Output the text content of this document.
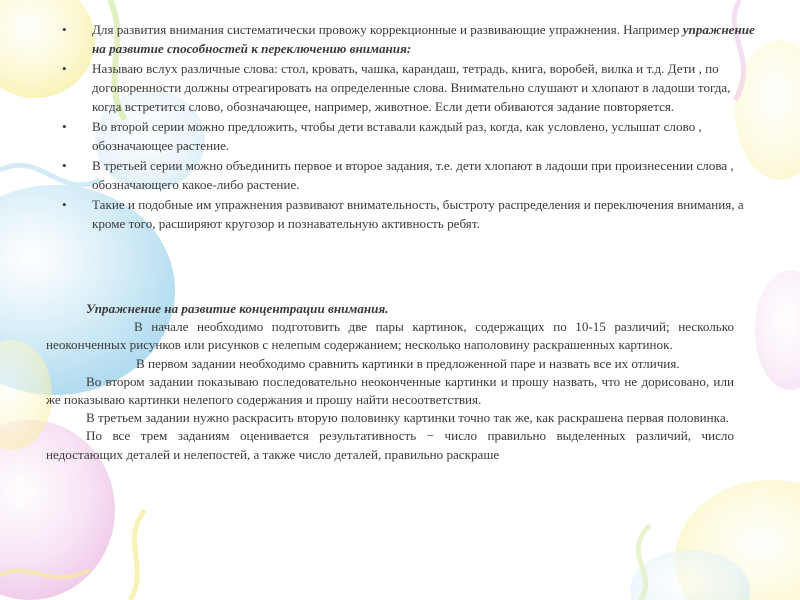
• Для развития внимания систематически провожу коррекционные и развивающие упражнения. Например упражнение на развитие способностей к переключению внимания:
• Называю вслух различные слова: стол, кровать, чашка, карандаш, тетрадь, книга, воробей, вилка и т.д. Дети , по договоренности должны отреагировать на определенные слова. Внимательно слушают и хлопают в ладоши тогда, когда встретится слово, обозначающее, например, животное. Если дети обиваются задание повторяется.
• Во второй серии можно предложить, чтобы дети вставали каждый раз, когда, как условлено, услышат слово , обозначающее растение.
• В третьей серии можно объединить первое и второе задания, т.е. дети хлопают в ладоши при произнесении слова , обозначающего какое-либо растение.
• Такие и подобные им упражнения развивают внимательность, быстроту распределения и переключения внимания, а кроме того, расширяют кругозор и познавательную активность ребят.

Упражнение на развитие концентрации внимания.

В начале необходимо подготовить две пары картинок, содержащих по 10-15 различий; несколько неоконченных рисунков или рисунков с нелепым содержанием; несколько наполовину раскрашенных картинок.

В первом задании необходимо сравнить картинки в предложенной паре и назвать все их отличия.

Во втором задании показываю последовательно неоконченные картинки и прошу назвать, что не дорисовано, или же показываю картинки нелепого содержания и прошу найти несоответствия.

В третьем задании нужно раскрасить вторую половинку картинки точно так же, как раскрашена первая половинка.

По все трем заданиям оценивается результативность − число правильно выделенных различий, число недостающих деталей и нелепостей, а также число деталей, правильно раскраше
